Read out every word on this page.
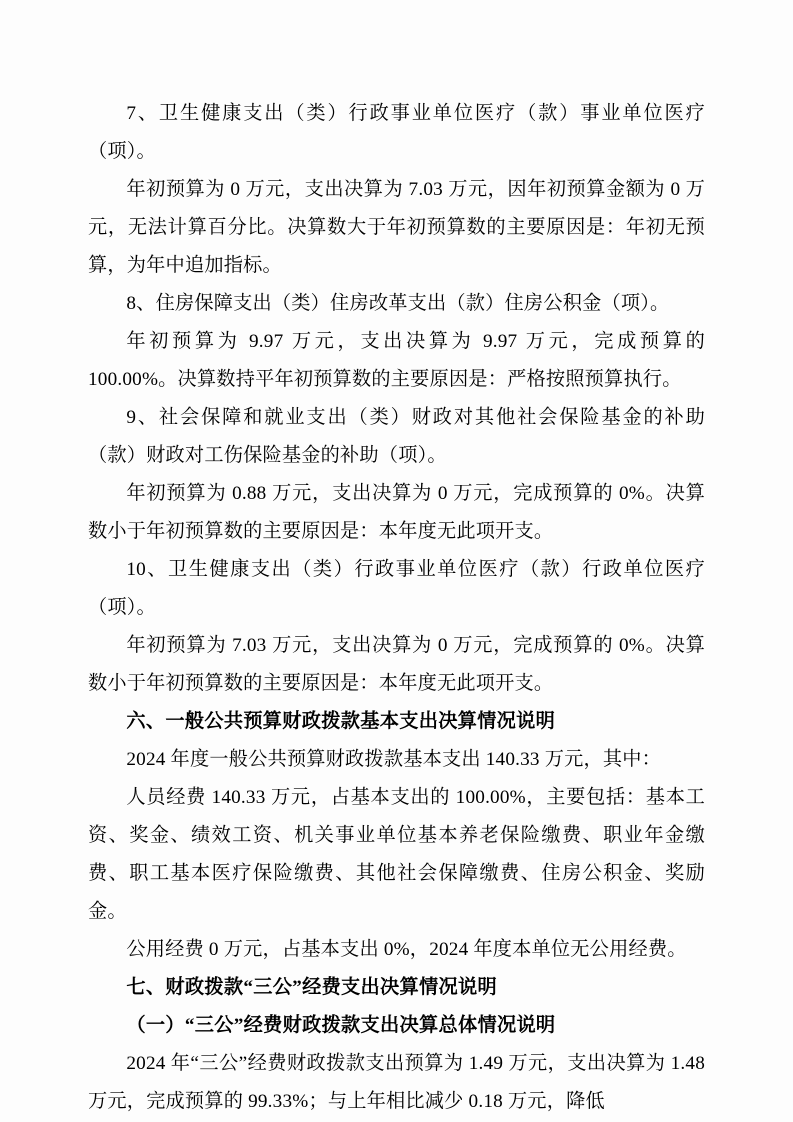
7、卫生健康支出（类）行政事业单位医疗（款）事业单位医疗（项）。

年初预算为 0 万元，支出决算为 7.03 万元，因年初预算金额为 0 万元，无法计算百分比。决算数大于年初预算数的主要原因是：年初无预算，为年中追加指标。

8、住房保障支出（类）住房改革支出（款）住房公积金（项）。

年初预算为 9.97 万元，支出决算为 9.97 万元，完成预算的 100.00%。决算数持平年初预算数的主要原因是：严格按照预算执行。

9、社会保障和就业支出（类）财政对其他社会保险基金的补助（款）财政对工伤保险基金的补助（项）。

年初预算为 0.88 万元，支出决算为 0 万元，完成预算的 0%。决算数小于年初预算数的主要原因是：本年度无此项开支。

10、卫生健康支出（类）行政事业单位医疗（款）行政单位医疗（项）。

年初预算为 7.03 万元，支出决算为 0 万元，完成预算的 0%。决算数小于年初预算数的主要原因是：本年度无此项开支。

六、一般公共预算财政拨款基本支出决算情况说明

2024 年度一般公共预算财政拨款基本支出 140.33 万元，其中：

人员经费 140.33 万元，占基本支出的 100.00%，主要包括：基本工资、奖金、绩效工资、机关事业单位基本养老保险缴费、职业年金缴费、职工基本医疗保险缴费、其他社会保障缴费、住房公积金、奖励金。

公用经费 0 万元，占基本支出 0%，2024 年度本单位无公用经费。

七、财政拨款“三公”经费支出决算情况说明

（一）“三公”经费财政拨款支出决算总体情况说明

2024 年“三公”经费财政拨款支出预算为 1.49 万元，支出决算为 1.48 万元，完成预算的 99.33%；与上年相比减少 0.18 万元，降低
